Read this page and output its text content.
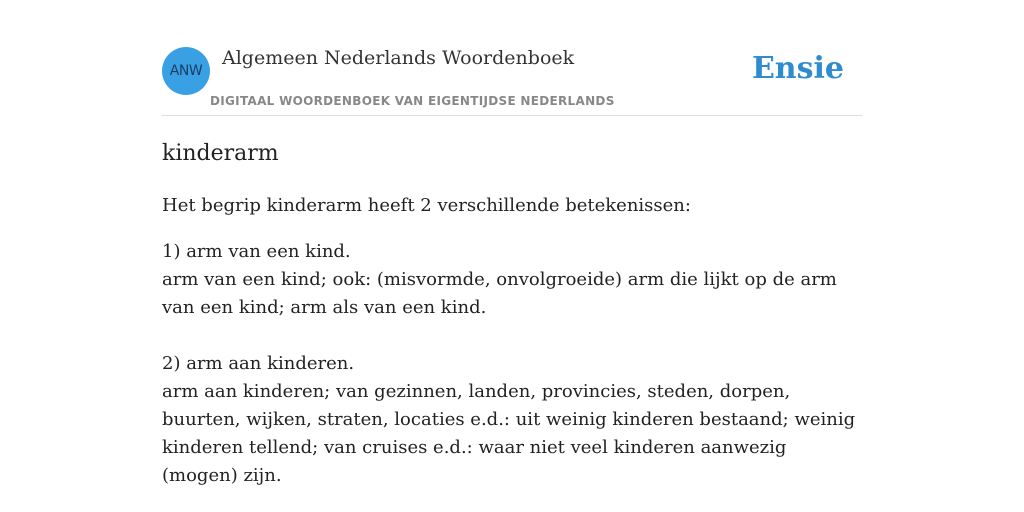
ANW
Algemeen Nederlands Woordenboek
DIGITAAL WOORDENBOEK VAN EIGENTIJDSE NEDERLANDS
Ensie
kinderarm

Het begrip kinderarm heeft 2 verschillende betekenissen:

1) arm van een kind.
arm van een kind; ook: (misvormde, onvolgroeide) arm die lijkt op de arm van een kind; arm als van een kind.

2) arm aan kinderen.
arm aan kinderen; van gezinnen, landen, provincies, steden, dorpen, buurten, wijken, straten, locaties e.d.: uit weinig kinderen bestaand; weinig kinderen tellend; van cruises e.d.: waar niet veel kinderen aanwezig (mogen) zijn.
